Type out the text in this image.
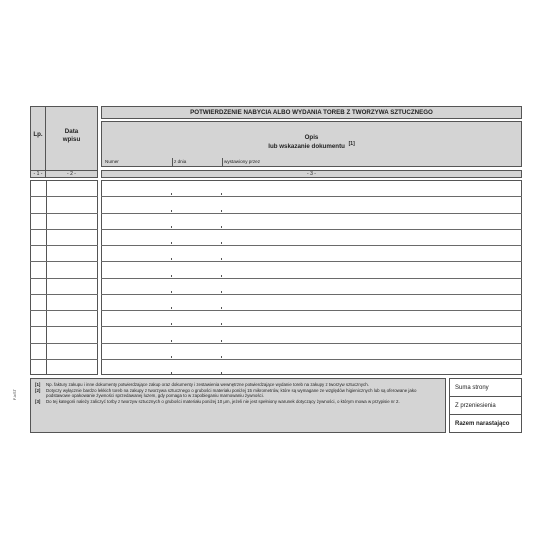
Lp.	Data
wpisu
POTWIERDZENIE NABYCIA ALBO WYDANIA TOREB Z TWORZYWA SZTUCZNEGO
Opis
lub wskazanie dokumentu [1]
Numer	z dnia	wystawiony przez
- 1 -	- 2 -	- 3 -
[1]	Np. faktury zakupu i inne dokumenty potwierdzające zakup oraz dokumenty i zestawienia wewnętrzne potwierdzające wydanie toreb na zakupy z tworzyw sztucznych.
[2]	Dotyczy wyłącznie bardzo lekkich toreb na zakupy z tworzywa sztucznego o grubości materiału poniżej 15 mikrometrów, które są wymagane ze względów higienicznych lub są oferowane jako podstawowe opakowanie żywności sprzedawanej luzem, gdy pomaga to w zapobieganiu marnowaniu żywności.
[3]	Do tej kategorii należy zaliczyć torby z tworzyw sztucznych o grubości materiału poniżej 10 μm, jeżeli nie jest spełniony warunek dotyczący żywności, o którym mowa w przypisie nr 2.
Suma strony
Z przeniesienia
Razem narastająco
F-k/ST
